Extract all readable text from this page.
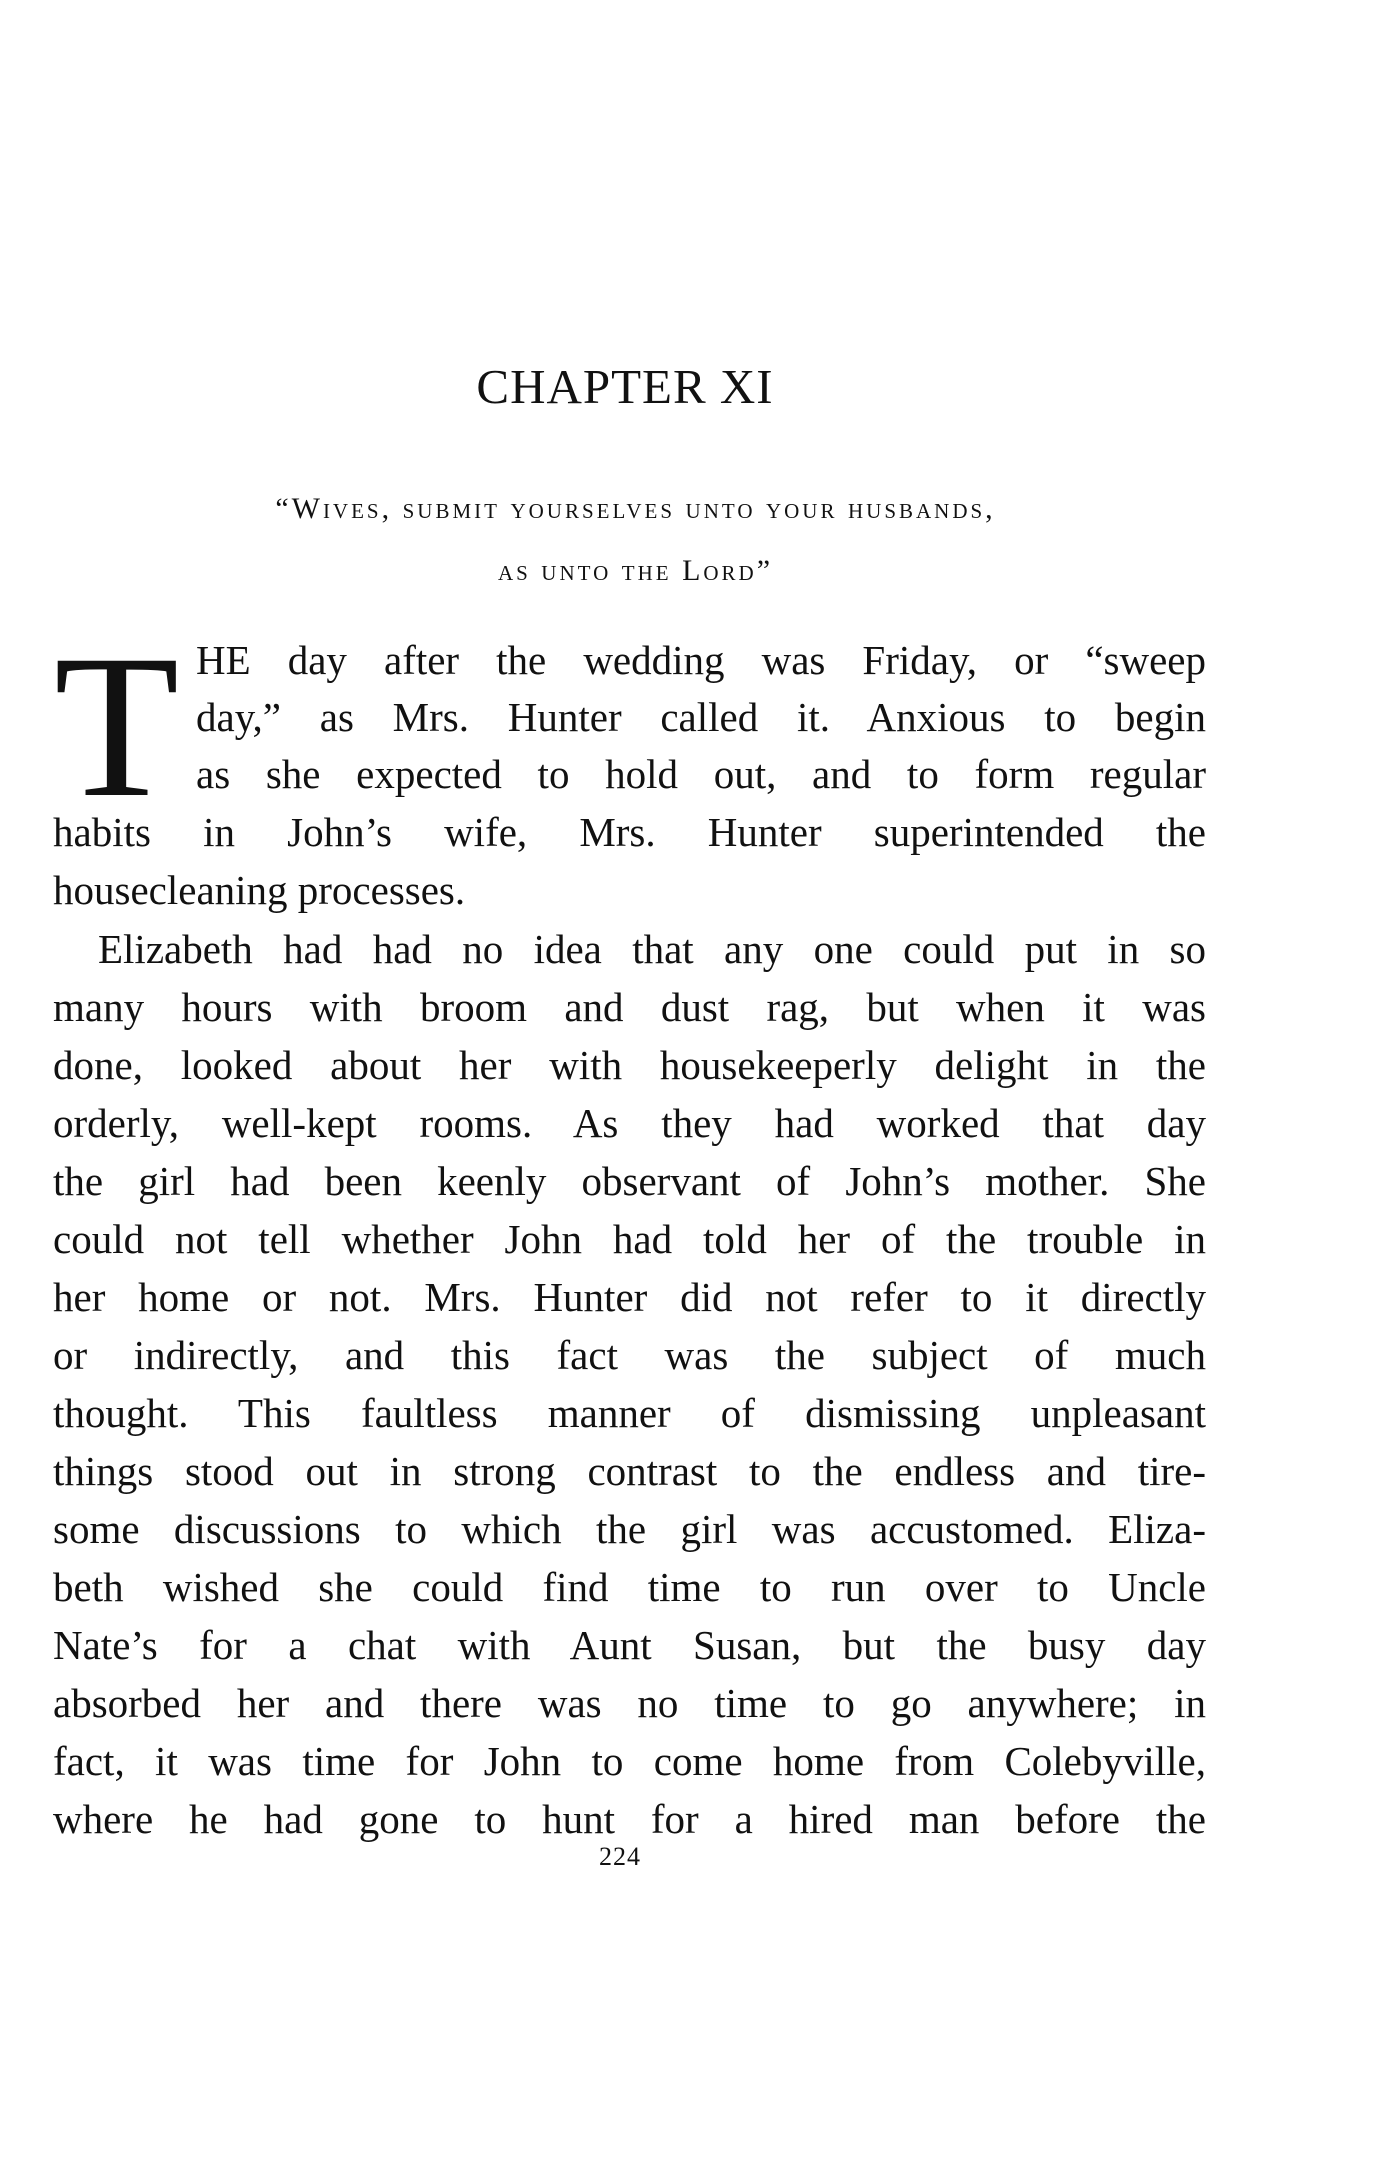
CHAPTER XI
“Wives, submit yourselves unto your husbands,
as unto the Lord”
T HE day after the wedding was Friday, or “sweep
day,” as Mrs. Hunter called it. Anxious to begin
as she expected to hold out, and to form regular
habits in John’s wife, Mrs. Hunter superintended the
housecleaning processes.
Elizabeth had had no idea that any one could put in so
many hours with broom and dust rag, but when it was
done, looked about her with housekeeperly delight in the
orderly, well-kept rooms. As they had worked that day
the girl had been keenly observant of John’s mother. She
could not tell whether John had told her of the trouble in
her home or not. Mrs. Hunter did not refer to it directly
or indirectly, and this fact was the subject of much
thought. This faultless manner of dismissing unpleasant
things stood out in strong contrast to the endless and tire-
some discussions to which the girl was accustomed. Eliza-
beth wished she could find time to run over to Uncle
Nate’s for a chat with Aunt Susan, but the busy day
absorbed her and there was no time to go anywhere; in
fact, it was time for John to come home from Colebyville,
where he had gone to hunt for a hired man before the
224
